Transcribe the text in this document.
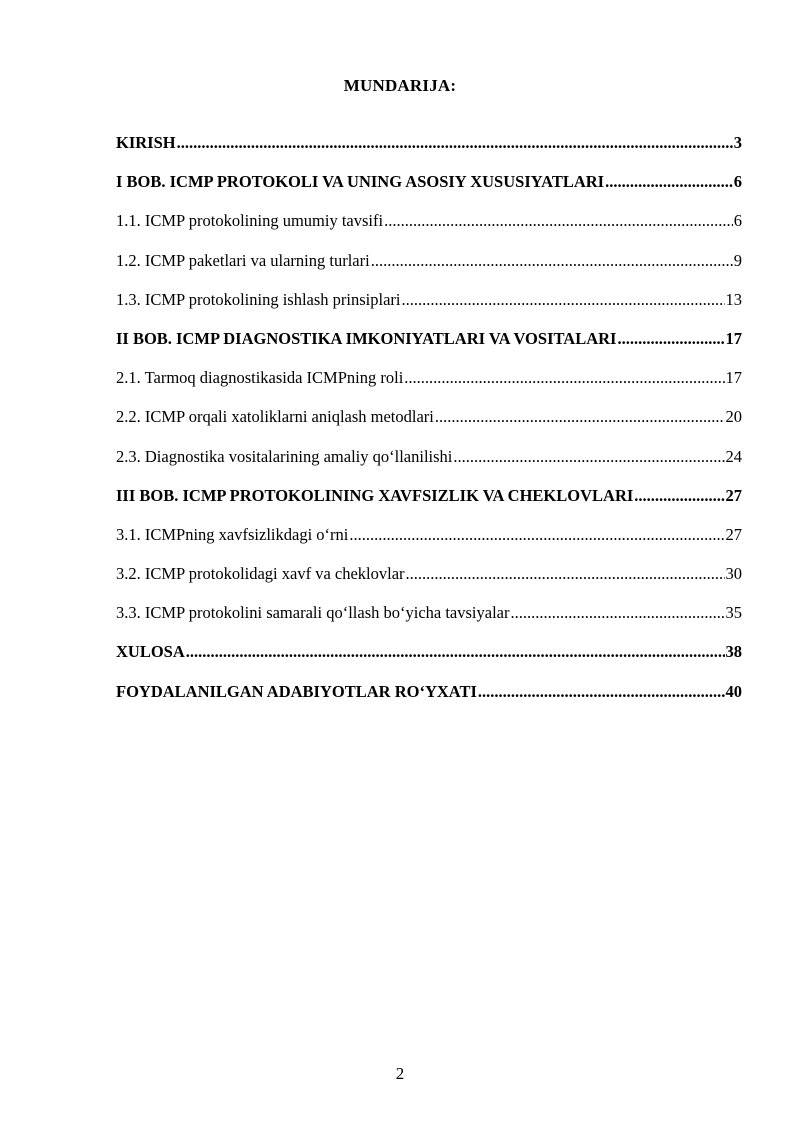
MUNDARIJA:
KIRISH .....	3
I BOB. ICMP PROTOKOLI VA UNING ASOSIY XUSUSIYATLARI .....	6
1.1. ICMP protokolining umumiy tavsifi .....	6
1.2. ICMP paketlari va ularning turlari .....	9
1.3. ICMP protokolining ishlash prinsiplari .....	13
II BOB. ICMP DIAGNOSTIKA IMKONIYATLARI VA VOSITALARI .....	17
2.1. Tarmoq diagnostikasida ICMPning roli .....	17
2.2. ICMP orqali xatoliklarni aniqlash metodlari .....	20
2.3. Diagnostika vositalarining amaliy qo‘llanilishi .....	24
III BOB. ICMP PROTOKOLINING XAVFSIZLIK VA CHEKLOVLARI .....	27
3.1. ICMPning xavfsizlikdagi o‘rni .....	27
3.2. ICMP protokolidagi xavf va cheklovlar .....	30
3.3. ICMP protokolini samarali qo‘llash bo‘yicha tavsiyalar .....	35
XULOSA .....	38
FOYDALANILGAN ADABIYOTLAR RO‘YXATI .....	40
2
